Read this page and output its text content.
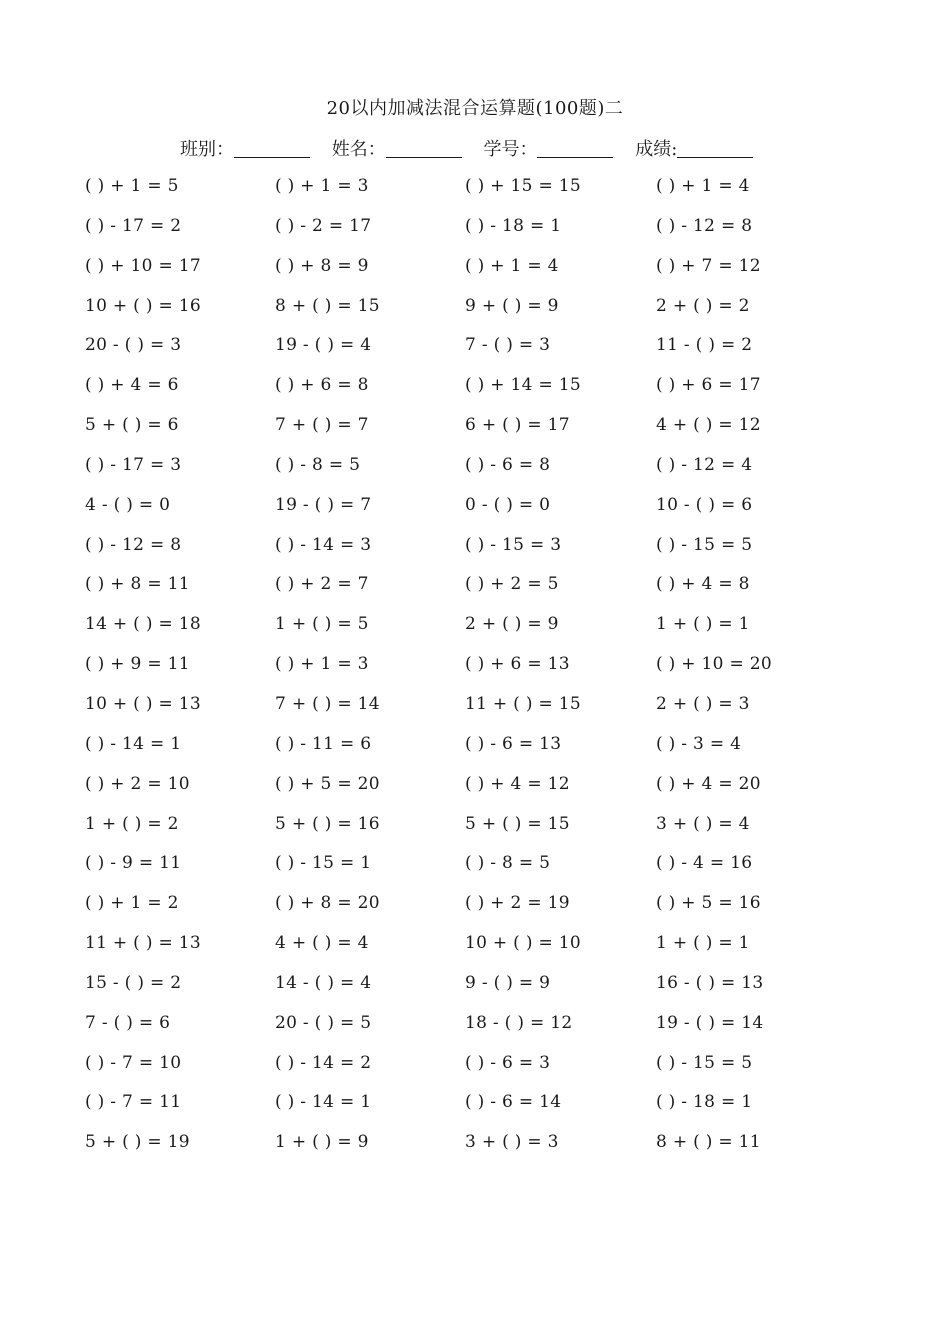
20以内加减法混合运算题(100题)二
班别：	姓名：	学号：	成绩:
( ) + 1 = 5	( ) + 1 = 3	( ) + 15 = 15	( ) + 1 = 4
( ) - 17 = 2	( ) - 2 = 17	( ) - 18 = 1	( ) - 12 = 8
( ) + 10 = 17	( ) + 8 = 9	( ) + 1 = 4	( ) + 7 = 12
10 + ( ) = 16	8 + ( ) = 15	9 + ( ) = 9	2 + ( ) = 2
20 - ( ) = 3	19 - ( ) = 4	7 - ( ) = 3	11 - ( ) = 2
( ) + 4 = 6	( ) + 6 = 8	( ) + 14 = 15	( ) + 6 = 17
5 + ( ) = 6	7 + ( ) = 7	6 + ( ) = 17	4 + ( ) = 12
( ) - 17 = 3	( ) - 8 = 5	( ) - 6 = 8	( ) - 12 = 4
4 - ( ) = 0	19 - ( ) = 7	0 - ( ) = 0	10 - ( ) = 6
( ) - 12 = 8	( ) - 14 = 3	( ) - 15 = 3	( ) - 15 = 5
( ) + 8 = 11	( ) + 2 = 7	( ) + 2 = 5	( ) + 4 = 8
14 + ( ) = 18	1 + ( ) = 5	2 + ( ) = 9	1 + ( ) = 1
( ) + 9 = 11	( ) + 1 = 3	( ) + 6 = 13	( ) + 10 = 20
10 + ( ) = 13	7 + ( ) = 14	11 + ( ) = 15	2 + ( ) = 3
( ) - 14 = 1	( ) - 11 = 6	( ) - 6 = 13	( ) - 3 = 4
( ) + 2 = 10	( ) + 5 = 20	( ) + 4 = 12	( ) + 4 = 20
1 + ( ) = 2	5 + ( ) = 16	5 + ( ) = 15	3 + ( ) = 4
( ) - 9 = 11	( ) - 15 = 1	( ) - 8 = 5	( ) - 4 = 16
( ) + 1 = 2	( ) + 8 = 20	( ) + 2 = 19	( ) + 5 = 16
11 + ( ) = 13	4 + ( ) = 4	10 + ( ) = 10	1 + ( ) = 1
15 - ( ) = 2	14 - ( ) = 4	9 - ( ) = 9	16 - ( ) = 13
7 - ( ) = 6	20 - ( ) = 5	18 - ( ) = 12	19 - ( ) = 14
( ) - 7 = 10	( ) - 14 = 2	( ) - 6 = 3	( ) - 15 = 5
( ) - 7 = 11	( ) - 14 = 1	( ) - 6 = 14	( ) - 18 = 1
5 + ( ) = 19	1 + ( ) = 9	3 + ( ) = 3	8 + ( ) = 11
